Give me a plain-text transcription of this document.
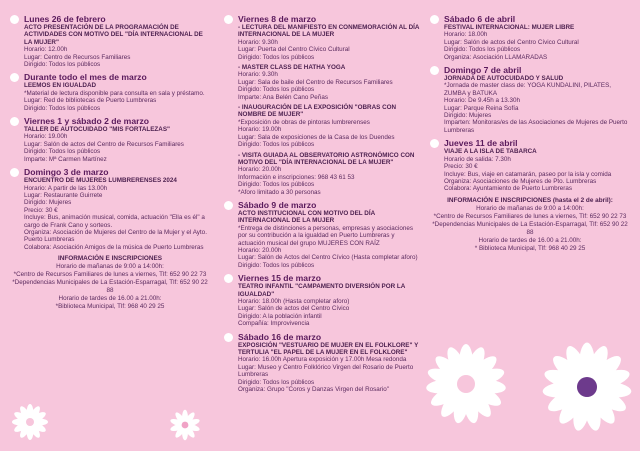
Lunes 26 de febrero
ACTO PRESENTACIÓN DE LA PROGRAMACIÓN DE ACTIVIDADES CON MOTIVO DEL "DÍA INTERNACIONAL DE LA MUJER"
Horario: 12.00h
Lugar: Centro de Recursos Familiares
Dirigido: Todos los públicos
Durante todo el mes de marzo
LEEMOS EN IGUALDAD
*Material de lectura disponible para consulta en sala y préstamo.
Lugar: Red de bibliotecas de Puerto Lumbreras
Dirigido: Todos los públicos
Viernes 1 y sábado 2 de marzo
TALLER DE AUTOCUIDADO "MIS FORTALEZAS"
Horario: 19.00h
Lugar: Salón de actos del Centro de Recursos Familiares
Dirigido: Todos los públicos
Imparte: Mª Carmen Martínez
Domingo 3 de marzo
ENCUENTRO DE MUJERES LUMBRERENSES 2024
Horario: A partir de las 13.00h
Lugar: Restaurante Guirrete
Dirigido: Mujeres
Precio: 30 €
Incluye: Bus, animación musical, comida, actuación "Ella es él" a cargo de Frank Cano y sorteos.
Organiza: Asociación de Mujeres del Centro de la Mujer y el Ayto. Puerto Lumbreras
Colabora: Asociación Amigos de la música de Puerto Lumbreras
INFORMACIÓN E INSCRIPCIONES
Horario de mañanas de 9:00 a 14:00h:
*Centro de Recursos Familiares de lunes a viernes, Tlf: 652 90 22 73 *Dependencias Municipales de La Estación-Esparragal, Tlf: 652 90 22 88
Horario de tardes de 16.00 a 21.00h:
*Biblioteca Municipal, Tlf: 968 40 29 25
Viernes 8 de marzo
- LECTURA DEL MANIFIESTO EN CONMEMORACIÓN AL DÍA INTERNACIONAL DE LA MUJER
Horario: 9.30h
Lugar: Puerta del Centro Cívico Cultural
Dirigido: Todos los públicos
- MASTER CLASS DE HATHA YOGA
Horario: 9.30h
Lugar: Sala de baile del Centro de Recursos Familiares
Dirigido: Todos los públicos
Imparte: Ana Belén Cano Peñas
- INAUGURACIÓN DE LA EXPOSICIÓN "OBRAS CON NOMBRE DE MUJER"
*Exposición de obras de pintoras lumbrerenses
Horario: 19.00h
Lugar: Sala de exposiciones de la Casa de los Duendes
Dirigido: Todos los públicos
- VISITA GUIADA AL OBSERVATORIO ASTRONÓMICO CON MOTIVO DEL "DÍA INTERNACIONAL DE LA MUJER"
Horario: 20.00h
Información e inscripciones: 968 43 61 53
Dirigido: Todos los públicos
*Aforo limitado a 30 personas
Sábado 9 de marzo
ACTO INSTITUCIONAL CON MOTIVO DEL DÍA INTERNACIONAL DE LA MUJER
*Entrega de distinciones a personas, empresas y asociaciones por su contribución a la igualdad en Puerto Lumbreras y actuación musical del grupo MUJERES CON RAÍZ
Horario: 20.00h
Lugar: Salón de Actos del Centro Cívico (Hasta completar aforo)
Dirigido: Todos los públicos
Viernes 15 de marzo
TEATRO INFANTIL "CAMPAMENTO DIVERSIÓN POR LA IGUALDAD"
Horario: 18.00h (Hasta completar aforo)
Lugar: Salón de actos del Centro Cívico
Dirigido: A la población infantil
Compañía: Improvivencia
Sábado 16 de marzo
EXPOSICIÓN "VESTUARIO DE MUJER EN EL FOLKLORE" Y TERTULIA "EL PAPEL DE LA MUJER EN EL FOLKLORE"
Horario: 16.00h Apertura exposición y 17.00h Mesa redonda
Lugar: Museo y Centro Folklórico Virgen del Rosario de Puerto Lumbreras
Dirigido: Todos los públicos
Organiza: Grupo "Coros y Danzas Virgen del Rosario"
Sábado 6 de abril
FESTIVAL INTERNACIONAL: MUJER LIBRE
Horario: 18.00h
Lugar: Salón de actos del Centro Cívico Cultural
Dirigido: Todos los públicos
Organiza: Asociación LLAMARADAS
Domingo 7 de abril
JORNADA DE AUTOCUIDADO Y SALUD
*Jornada de master class de: YOGA KUNDALINI, PILATES, ZUMBA y BATUKA
Horario: De 9.45h a 13.30h
Lugar: Parque Reina Sofía
Dirigido: Mujeres
Imparten: Monitoras/es de las Asociaciones de Mujeres de Puerto Lumbreras
Jueves 11 de abril
VIAJE A LA ISLA DE TABARCA
Horario de salida: 7.30h
Precio: 30 €
Incluye: Bus, viaje en catamarán, paseo por la isla y comida
Organiza: Asociaciones de Mujeres de Pto. Lumbreras
Colabora: Ayuntamiento de Puerto Lumbreras
INFORMACIÓN E INSCRIPCIONES (hasta el 2 de abril):
Horario de mañanas de 9:00 a 14:00h:
*Centro de Recursos Familiares de lunes a viernes, Tlf: 652 90 22 73 *Dependencias Municipales de La Estación-Esparragal, Tlf: 652 90 22 88
Horario de tardes de 16.00 a 21.00h:
* Biblioteca Municipal, Tlf: 968 40 29 25
